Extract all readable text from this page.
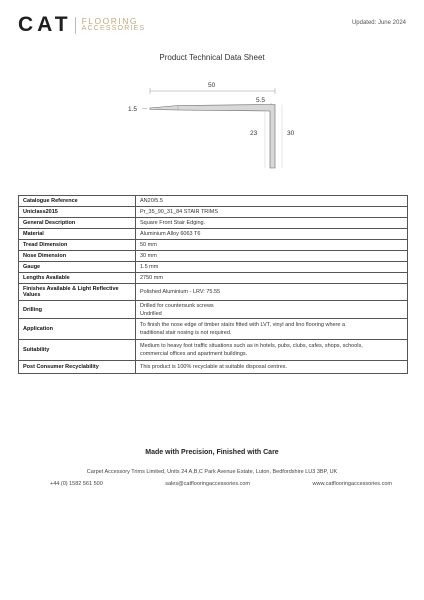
CAT FLOORING
ACCESSORIES
Updated: June 2024
Product Technical Data Sheet
50
5.5
1.5
23	30
Catalogue Reference	AN20/5.5

Uniclass2015	Pr_35_90_31_84 STAIR TRIMS

General Description	Square Front Stair Edging.

Material	Aluminium Alloy 6063 T6

Tread Dimension	50 mm

Nose Dimension	30 mm

Gauge	1.5 mm

Lengths Available	2750 mm

Finishes Available & Light Reflective Values	Polished Aluminium - LRV: 75.55

Drilling	Drilled for countersunk screws
Undrilled

Application	To finish the nose edge of timber stairs fitted with LVT, vinyl and lino flooring where a
traditional stair nosing is not required.

Suitability	Medium to heavy foot traffic situations such as in hotels, pubs, clubs, cafes, shops, schools,
commercial offices and apartment buildings.

Post Consumer Recyclability	This product is 100% recyclable at suitable disposal centres.
Made with Precision, Finished with Care
Carpet Accessory Trims Limited, Units 24 A,B,C Park Avenue Estate, Luton, Bedfordshire LU3 3BP, UK
+44 (0) 1582 561 500	sales@catflooringaccessories.com	www.catflooringaccessories.com
